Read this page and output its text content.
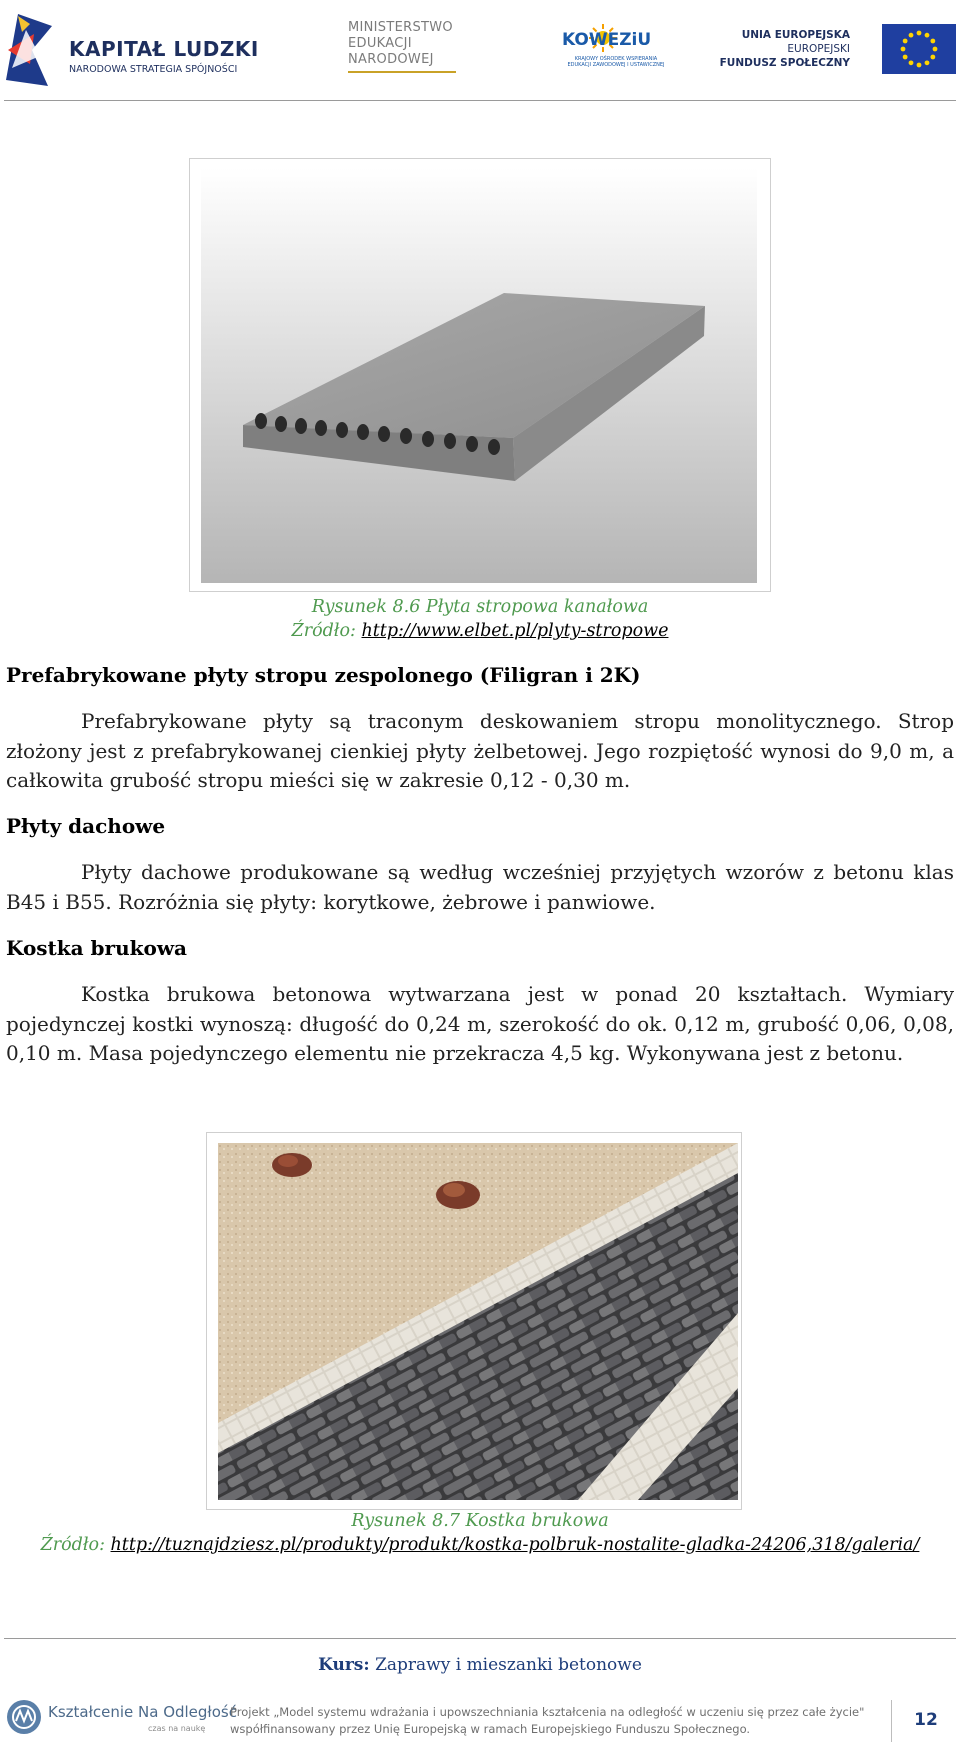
KAPITAŁ LUDZKI
NARODOWA STRATEGIA SPÓJNOŚCI
MINISTERSTWO
EDUKACJI
NARODOWEJ
KOWEZiU
KRAJOWY OŚRODEK WSPIERANIA EDUKACJI ZAWODOWEJ I USTAWICZNEJ
UNIA EUROPEJSKA
EUROPEJSKI
FUNDUSZ SPOŁECZNY
Rysunek 8.6 Płyta stropowa kanałowa
Źródło: http://www.elbet.pl/plyty-stropowe
Prefabrykowane płyty stropu zespolonego (Filigran i 2K)
Prefabrykowane płyty są traconym deskowaniem stropu monolitycznego. Strop złożony jest z prefabrykowanej cienkiej płyty żelbetowej. Jego rozpiętość wynosi do 9,0 m, a całkowita grubość stropu mieści się w zakresie 0,12 - 0,30 m.
Płyty dachowe
Płyty dachowe produkowane są według wcześniej przyjętych wzorów z betonu klas B45 i B55. Rozróżnia się płyty: korytkowe, żebrowe i panwiowe.
Kostka brukowa
Kostka brukowa betonowa wytwarzana jest w ponad 20 kształtach. Wymiary pojedynczej kostki wynoszą: długość do 0,24 m, szerokość do ok. 0,12 m, grubość 0,06, 0,08, 0,10 m. Masa pojedynczego elementu nie przekracza 4,5 kg. Wykonywana jest z betonu.
Rysunek 8.7 Kostka brukowa
Źródło: http://tuznajdziesz.pl/produkty/produkt/kostka-polbruk-nostalite-gladka-24206,318/galeria/
Kurs: Zaprawy i mieszanki betonowe
Kształcenie Na Odległość
czas na naukę
Projekt „Model systemu wdrażania i upowszechniania kształcenia na odległość w uczeniu się przez całe życie"
współfinansowany przez Unię Europejską w ramach Europejskiego Funduszu Społecznego.	12
